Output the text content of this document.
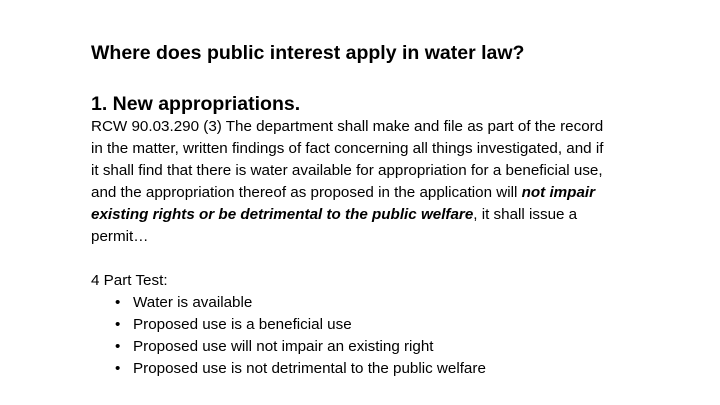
Where does public interest apply in water law?
1. New appropriations.

RCW 90.03.290 (3) The department shall make and file as part of the record in the matter, written findings of fact concerning all things investigated, and if it shall find that there is water available for appropriation for a beneficial use, and the appropriation thereof as proposed in the application will not impair existing rights or be detrimental to the public welfare, it shall issue a permit…

4 Part Test:

• Water is available
• Proposed use is a beneficial use
• Proposed use will not impair an existing right
• Proposed use is not detrimental to the public welfare
